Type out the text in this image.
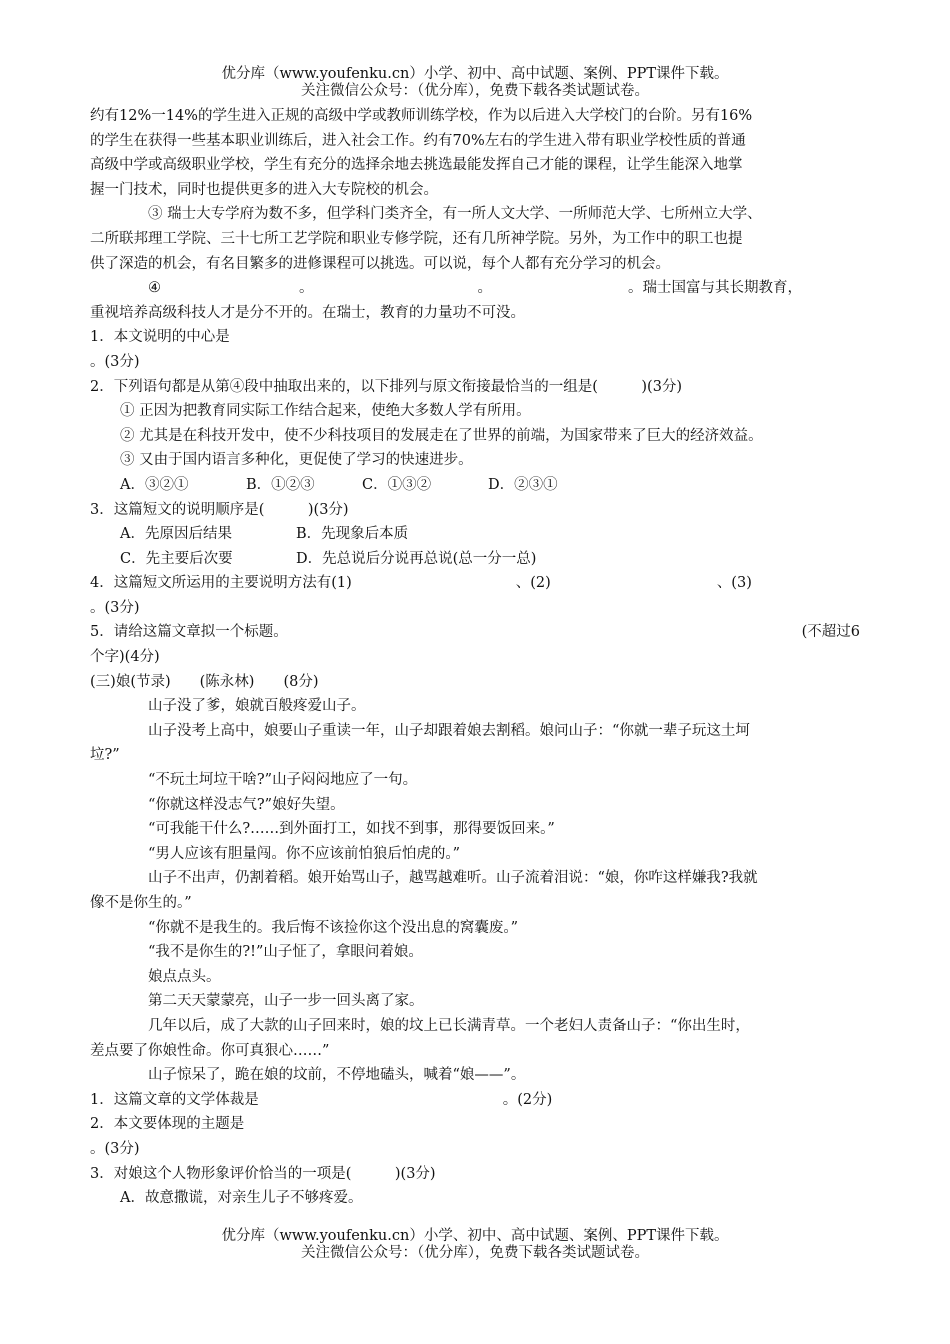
优分库（www.youfenku.cn）小学、初中、高中试题、案例、PPT课件下载。
关注微信公众号：（优分库），免费下载各类试题试卷。
约有12%一14%的学生进入正规的高级中学或教师训练学校，作为以后进入大学校门的台阶。另有16%
的学生在获得一些基本职业训练后，进入社会工作。约有70%左右的学生进入带有职业学校性质的普通
高级中学或高级职业学校，学生有充分的选择余地去挑选最能发挥自己才能的课程，让学生能深入地掌
握一门技术，同时也提供更多的进入大专院校的机会。
③ 瑞士大专学府为数不多，但学科门类齐全，有一所人文大学、一所师范大学、七所州立大学、
二所联邦理工学院、三十七所工艺学院和职业专修学院，还有几所神学院。另外，为工作中的职工也提
供了深造的机会，有名目繁多的进修课程可以挑选。可以说，每个人都有充分学习的机会。
④	。	。	。瑞士国富与其长期教育，
重视培养高级科技人才是分不开的。在瑞士，教育的力量功不可没。
1．本文说明的中心是
。(3分)
2．下列语句都是从第④段中抽取出来的，以下排列与原文衔接最恰当的一组是(　　　)(3分)
① 正因为把教育同实际工作结合起来，使绝大多数人学有所用。
② 尤其是在科技开发中，使不少科技项目的发展走在了世界的前端，为国家带来了巨大的经济效益。
③ 又由于国内语言多种化，更促使了学习的快速进步。
A．③②①	B．①②③	C．①③②	D．②③①
3．这篇短文的说明顺序是(　　　)(3分)
A．先原因后结果	B．先现象后本质
C．先主要后次要	D．先总说后分说再总说(总一分一总)
4．这篇短文所运用的主要说明方法有(1)	、(2)	、(3)
。(3分)
5．请给这篇文章拟一个标题。	(不超过6
个字)(4分)
(三)娘(节录)　　(陈永林)　　(8分)
山子没了爹，娘就百般疼爱山子。
山子没考上高中，娘要山子重读一年，山子却跟着娘去割稻。娘问山子：“你就一辈子玩这土坷
垃?”
“不玩土坷垃干啥?”山子闷闷地应了一句。
“你就这样没志气?”娘好失望。
“可我能干什么?……到外面打工，如找不到事，那得要饭回来。”
“男人应该有胆量闯。你不应该前怕狼后怕虎的。”
山子不出声，仍割着稻。娘开始骂山子，越骂越难听。山子流着泪说：“娘，你咋这样嫌我?我就
像不是你生的。”
“你就不是我生的。我后悔不该捡你这个没出息的窝囊废。”
“我不是你生的?!”山子怔了，拿眼问着娘。
娘点点头。
第二天天蒙蒙亮，山子一步一回头离了家。
几年以后，成了大款的山子回来时，娘的坟上已长满青草。一个老妇人责备山子：“你出生时，
差点要了你娘性命。你可真狠心……”
山子惊呆了，跪在娘的坟前，不停地磕头，喊着“娘——”。
1．这篇文章的文学体裁是	。(2分)
2．本文要体现的主题是
。(3分)
3．对娘这个人物形象评价恰当的一项是(　　　)(3分)
A．故意撒谎，对亲生儿子不够疼爱。
优分库（www.youfenku.cn）小学、初中、高中试题、案例、PPT课件下载。
关注微信公众号：（优分库），免费下载各类试题试卷。
